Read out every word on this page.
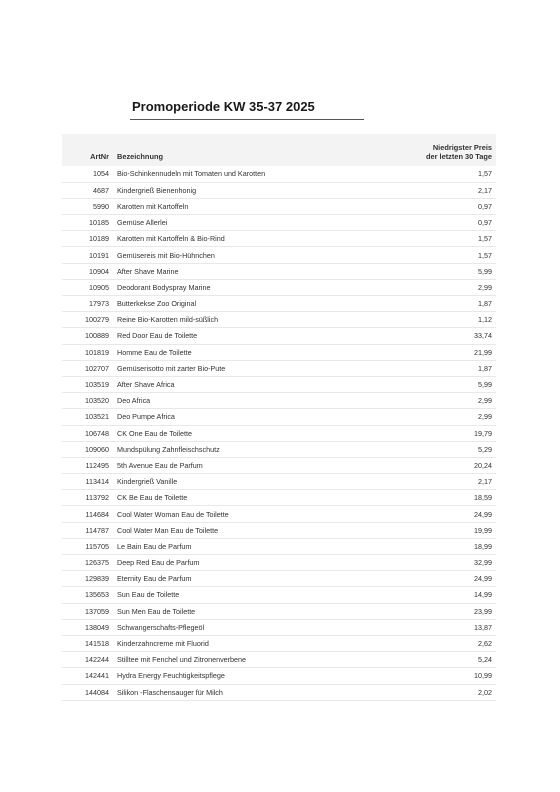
Promoperiode KW 35-37 2025
ArtNr	Bezeichnung	Niedrigster Preis
der letzten 30 Tage
1054	Bio-Schinkennudeln mit Tomaten und Karotten	1,57
4687	Kindergrieß Bienenhonig	2,17
5990	Karotten mit Kartoffeln	0,97
10185	Gemüse Allerlei	0,97
10189	Karotten mit Kartoffeln & Bio-Rind	1,57
10191	Gemüsereis mit Bio-Hühnchen	1,57
10904	After Shave Marine	5,99
10905	Deodorant Bodyspray Marine	2,99
17973	Butterkekse Zoo Original	1,87
100279	Reine Bio-Karotten mild-süßlich	1,12
100889	Red Door Eau de Toilette	33,74
101819	Homme Eau de Toilette	21,99
102707	Gemüserisotto mit zarter Bio-Pute	1,87
103519	After Shave Africa	5,99
103520	Deo Africa	2,99
103521	Deo Pumpe Africa	2,99
106748	CK One Eau de Toilette	19,79
109060	Mundspülung Zahnfleischschutz	5,29
112495	5th Avenue Eau de Parfum	20,24
113414	Kindergrieß Vanille	2,17
113792	CK Be Eau de Toilette	18,59
114684	Cool Water Woman Eau de Toilette	24,99
114787	Cool Water Man Eau de Toilette	19,99
115705	Le Bain Eau de Parfum	18,99
126375	Deep Red Eau de Parfum	32,99
129839	Eternity Eau de Parfum	24,99
135653	Sun Eau de Toilette	14,99
137059	Sun Men Eau de Toilette	23,99
138049	Schwangerschafts-Pflegeöl	13,87
141518	Kinderzahncreme mit Fluorid	2,62
142244	Stilltee mit Fenchel und Zitronenverbene	5,24
142441	Hydra Energy Feuchtigkeitspflege	10,99
144084	Silikon -Flaschensauger für Milch	2,02
